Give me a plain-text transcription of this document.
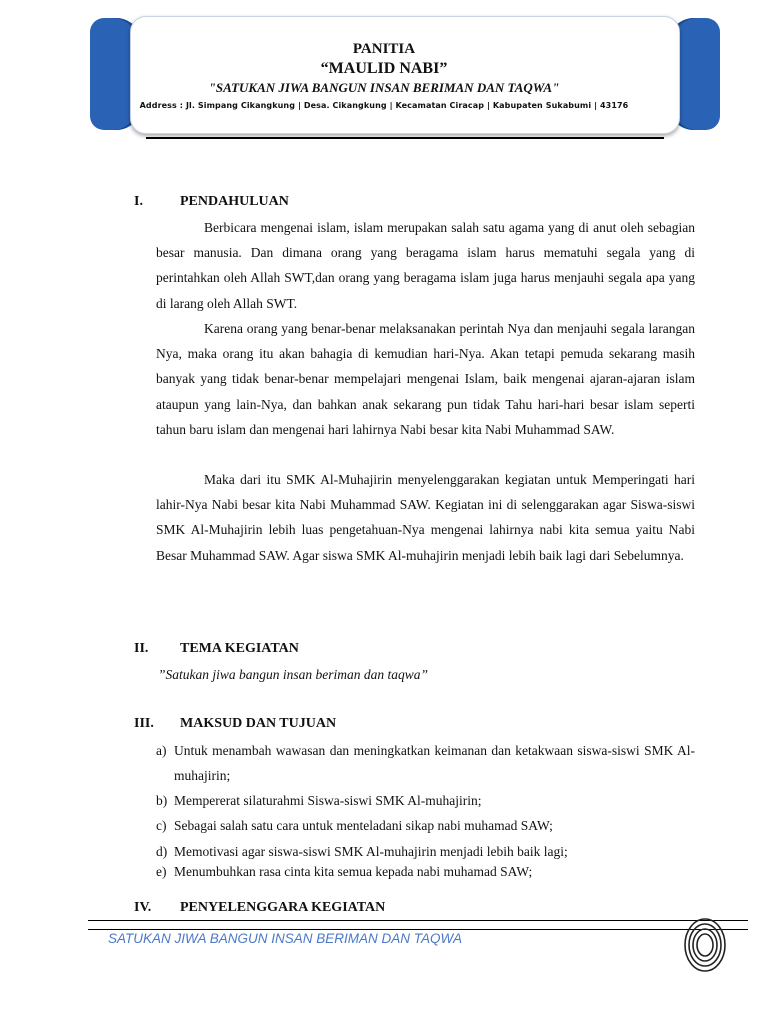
PANITIA
“MAULID NABI”
"SATUKAN JIWA BANGUN INSAN BERIMAN DAN TAQWA"
Address : Jl. Simpang Cikangkung | Desa. Cikangkung | Kecamatan Ciracap | Kabupaten Sukabumi | 43176
I.	PENDAHULUAN
Berbicara mengenai islam, islam merupakan salah satu agama yang di anut oleh sebagian besar manusia. Dan dimana orang yang beragama islam harus mematuhi segala yang di perintahkan oleh Allah SWT,dan orang yang beragama islam juga harus menjauhi segala apa yang di larang oleh Allah SWT.
Karena orang yang benar-benar melaksanakan perintah Nya dan menjauhi segala larangan Nya, maka orang itu akan bahagia di kemudian hari-Nya. Akan tetapi pemuda sekarang masih banyak yang tidak benar-benar mempelajari mengenai Islam, baik mengenai ajaran-ajaran islam ataupun yang lain-Nya, dan bahkan anak sekarang pun tidak Tahu hari-hari besar islam seperti tahun baru islam dan mengenai hari lahirnya Nabi besar kita Nabi Muhammad SAW.
Maka dari itu SMK Al-Muhajirin menyelenggarakan kegiatan untuk Memperingati hari lahir-Nya Nabi besar kita Nabi Muhammad SAW. Kegiatan ini di selenggarakan agar Siswa-siswi SMK Al-Muhajirin lebih luas pengetahuan-Nya mengenai lahirnya nabi kita semua yaitu Nabi Besar Muhammad SAW. Agar siswa SMK Al-muhajirin menjadi lebih baik lagi dari Sebelumnya.
II. TEMA KEGIATAN
”Satukan jiwa bangun insan beriman dan taqwa”
III. MAKSUD DAN TUJUAN
a) Untuk menambah wawasan dan meningkatkan keimanan dan ketakwaan siswa-siswi SMK Al-muhajirin;
b) Mempererat silaturahmi Siswa-siswi SMK Al-muhajirin;
c) Sebagai salah satu cara untuk menteladani sikap nabi muhamad SAW;
d) Memotivasi agar siswa-siswi SMK Al-muhajirin menjadi lebih baik lagi;
e) Menumbuhkan rasa cinta kita semua kepada nabi muhamad SAW;
IV. PENYELENGGARA KEGIATAN
SATUKAN JIWA BANGUN INSAN BERIMAN DAN TAQWA
